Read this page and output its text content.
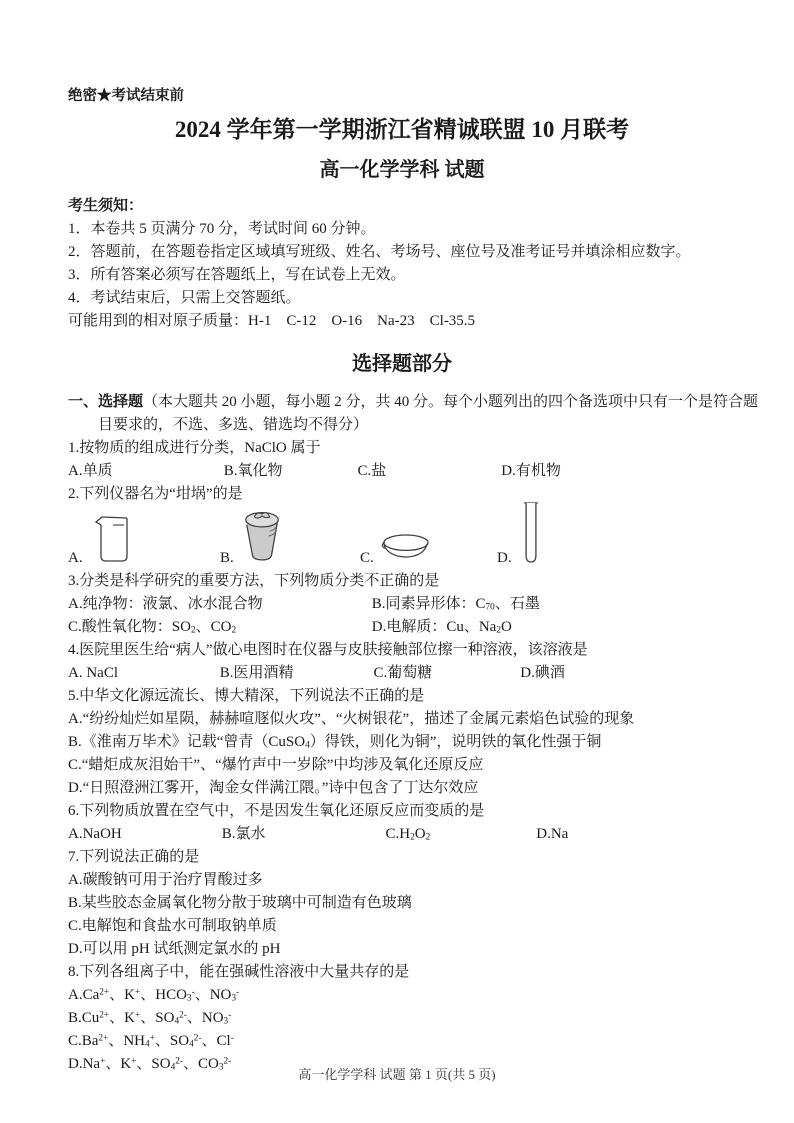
绝密★考试结束前
2024 学年第一学期浙江省精诚联盟 10 月联考
高一化学学科 试题
考生须知：
1．本卷共 5 页满分 70 分，考试时间 60 分钟。
2．答题前，在答题卷指定区域填写班级、姓名、考场号、座位号及准考证号并填涂相应数字。
3．所有答案必须写在答题纸上，写在试卷上无效。
4．考试结束后，只需上交答题纸。
可能用到的相对原子质量：H-1　C-12　O-16　Na-23　Cl-35.5
选择题部分
一、选择题（本大题共 20 小题，每小题 2 分，共 40 分。每个小题列出的四个备选项中只有一个是符合题
目要求的，不选、多选、错选均不得分）
1.按物质的组成进行分类，NaClO 属于
A.单质	B.氧化物	C.盐	D.有机物
2.下列仪器名为“坩埚”的是
A.	B.	C.	D.
3.分类是科学研究的重要方法，下列物质分类不正确的是
A.纯净物：液氯、冰水混合物	B.同素异形体：$C_{70}$、石墨
C.酸性氧化物：$SO_2$、$CO_2$	D.电解质：Cu、$Na_2O$
4.医院里医生给“病人”做心电图时在仪器与皮肤接触部位擦一种溶液，该溶液是
A. NaCl	B.医用酒精	C.葡萄糖	D.碘酒
5.中华文化源远流长、博大精深，下列说法不正确的是
A.“纷纷灿烂如星陨，赫赫喧豗似火攻”、“火树银花”，描述了金属元素焰色试验的现象
B.《淮南万毕术》记载“曾青（CuSO$_4$）得铁，则化为铜”，说明铁的氧化性强于铜
C.“蜡炬成灰泪始干”、“爆竹声中一岁除”中均涉及氧化还原反应
D.“日照澄洲江雾开，淘金女伴满江隈。”诗中包含了丁达尔效应
6.下列物质放置在空气中，不是因发生氧化还原反应而变质的是
A.NaOH	B.氯水	$C.H_2O_2$	D.Na
7.下列说法正确的是
A.碳酸钠可用于治疗胃酸过多
B.某些胶态金属氧化物分散于玻璃中可制造有色玻璃
C.电解饱和食盐水可制取钠单质
D.可以用 pH 试纸测定氯水的 pH
8.下列各组离子中，能在强碱性溶液中大量共存的是
$A.Ca^{2+}$、K+、$HCO_3^-$、$NO_3^-$
$B.Cu^{2+}$、K+、$SO_4^{2-}$、$NO_3^-$
$C.Ba^{2+}$、$NH_4^+$、$SO_4^{2-}$、Cl-
D.Na+、K+、$SO_4^{2-}$、$CO_3^{2-}$
高一化学学科 试题 第 1 页(共 5 页)
